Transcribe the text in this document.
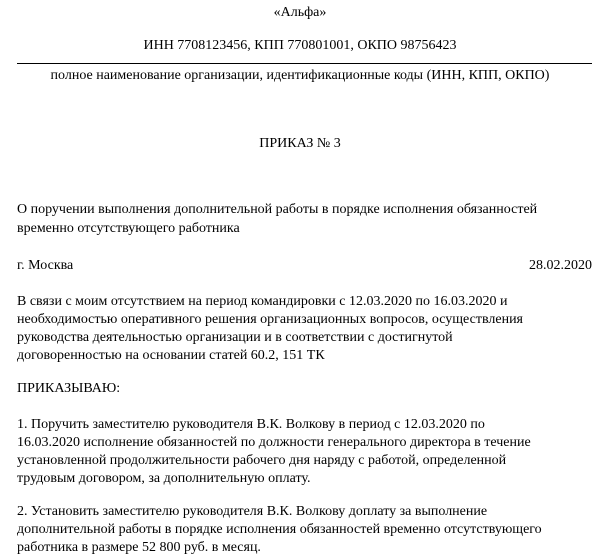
«Альфа»
ИНН 7708123456, КПП 770801001, ОКПО 98756423
полное наименование организации, идентификационные коды (ИНН, КПП, ОКПО)
ПРИКАЗ № 3
О поручении выполнения дополнительной работы в порядке исполнения обязанностей
временно отсутствующего работника
г. Москва	28.02.2020
В связи с моим отсутствием на период командировки с 12.03.2020 по 16.03.2020 и
необходимостью оперативного решения организационных вопросов, осуществления
руководства деятельностью организации и в соответствии с достигнутой
договоренностью на основании статей 60.2, 151 ТК
ПРИКАЗЫВАЮ:
1. Поручить заместителю руководителя В.К. Волкову в период с 12.03.2020 по
16.03.2020 исполнение обязанностей по должности генерального директора в течение
установленной продолжительности рабочего дня наряду с работой, определенной
трудовым договором, за дополнительную оплату.
2. Установить заместителю руководителя В.К. Волкову доплату за выполнение
дополнительной работы в порядке исполнения обязанностей временно отсутствующего
работника в размере 52 800 руб. в месяц.
